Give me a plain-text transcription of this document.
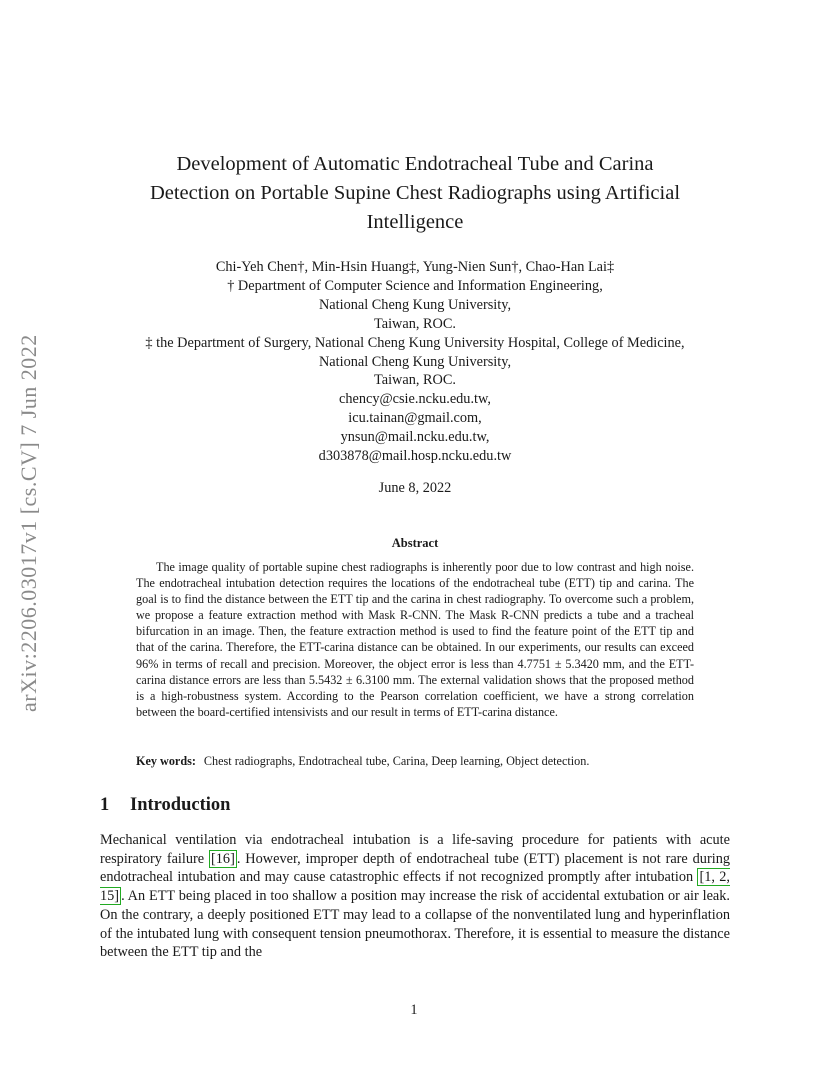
arXiv:2206.03017v1 [cs.CV] 7 Jun 2022
Development of Automatic Endotracheal Tube and Carina
Detection on Portable Supine Chest Radiographs using Artificial
Intelligence
Chi-Yeh Chen†, Min-Hsin Huang‡, Yung-Nien Sun†, Chao-Han Lai‡
† Department of Computer Science and Information Engineering,
National Cheng Kung University,
Taiwan, ROC.
‡ the Department of Surgery, National Cheng Kung University Hospital, College of Medicine,
National Cheng Kung University,
Taiwan, ROC.
chency@csie.ncku.edu.tw,
icu.tainan@gmail.com,
ynsun@mail.ncku.edu.tw,
d303878@mail.hosp.ncku.edu.tw
June 8, 2022
Abstract

The image quality of portable supine chest radiographs is inherently poor due to low contrast and high noise. The endotracheal intubation detection requires the locations of the endotracheal tube (ETT) tip and carina. The goal is to find the distance between the ETT tip and the carina in chest radiography. To overcome such a problem, we propose a feature extraction method with Mask R-CNN. The Mask R-CNN predicts a tube and a tracheal bifurcation in an image. Then, the feature extraction method is used to find the feature point of the ETT tip and that of the carina. Therefore, the ETT-carina distance can be obtained. In our experiments, our results can exceed 96% in terms of recall and precision. Moreover, the object error is less than 4.7751 ± 5.3420 mm, and the ETT-carina distance errors are less than 5.5432 ± 6.3100 mm. The external validation shows that the proposed method is a high-robustness system. According to the Pearson correlation coefficient, we have a strong correlation between the board-certified intensivists and our result in terms of ETT-carina distance.

Key words: Chest radiographs, Endotracheal tube, Carina, Deep learning, Object detection.
1 Introduction

Mechanical ventilation via endotracheal intubation is a life-saving procedure for patients with acute respiratory failure [16] . However, improper depth of endotracheal tube (ETT) placement is not rare during endotracheal intubation and may cause catastrophic effects if not recognized promptly after intubation [1, 2, 15] . An ETT being placed in too shallow a position may increase the risk of accidental extubation or air leak. On the contrary, a deeply positioned ETT may lead to a collapse of the nonventilated lung and hyperinflation of the intubated lung with consequent tension pneumothorax. Therefore, it is essential to measure the distance between the ETT tip and the

1
